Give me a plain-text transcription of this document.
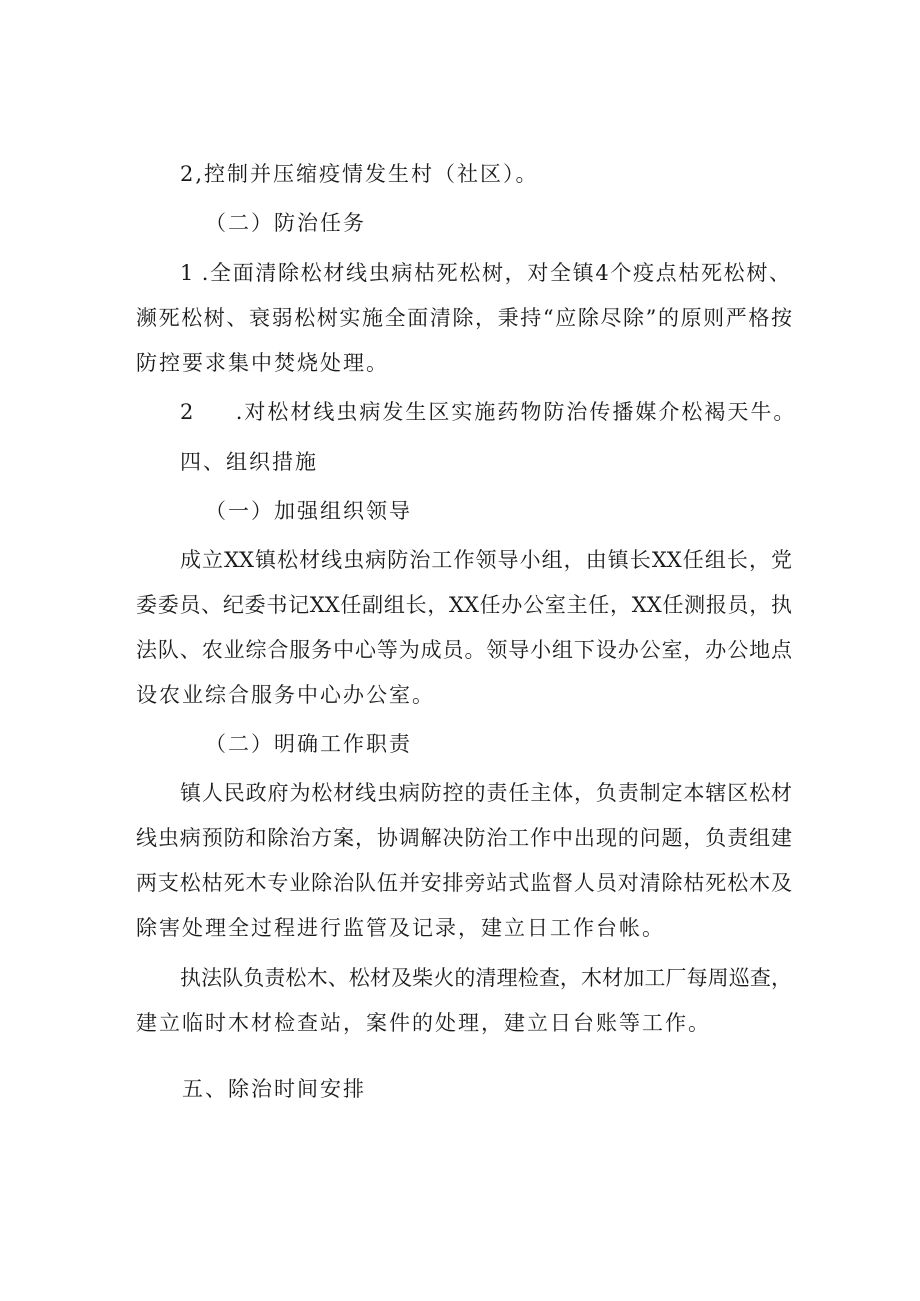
2,控制并压缩疫情发生村（社区）。
（二）防治任务
1 .全面清除松材线虫病枯死松树，对全镇4个疫点枯死松树、
濒死松树、衰弱松树实施全面清除，秉持“应除尽除”的原则严格按
防控要求集中焚烧处理。
2 　 .对松材线虫病发生区实施药物防治传播媒介松褐天牛。
四、组织措施
（一）加强组织领导
成立XX镇松材线虫病防治工作领导小组，由镇长XX任组长，党
委委员、纪委书记XX任副组长，XX任办公室主任，XX任测报员，执
法队、农业综合服务中心等为成员。领导小组下设办公室，办公地点
设农业综合服务中心办公室。
（二）明确工作职责
镇人民政府为松材线虫病防控的责任主体，负责制定本辖区松材
线虫病预防和除治方案，协调解决防治工作中出现的问题，负责组建
两支松枯死木专业除治队伍并安排旁站式监督人员对清除枯死松木及
除害处理全过程进行监管及记录，建立日工作台帐。
执法队负责松木、松材及柴火的清理检查，木材加工厂每周巡查，
建立临时木材检查站，案件的处理，建立日台账等工作。
五、除治时间安排
